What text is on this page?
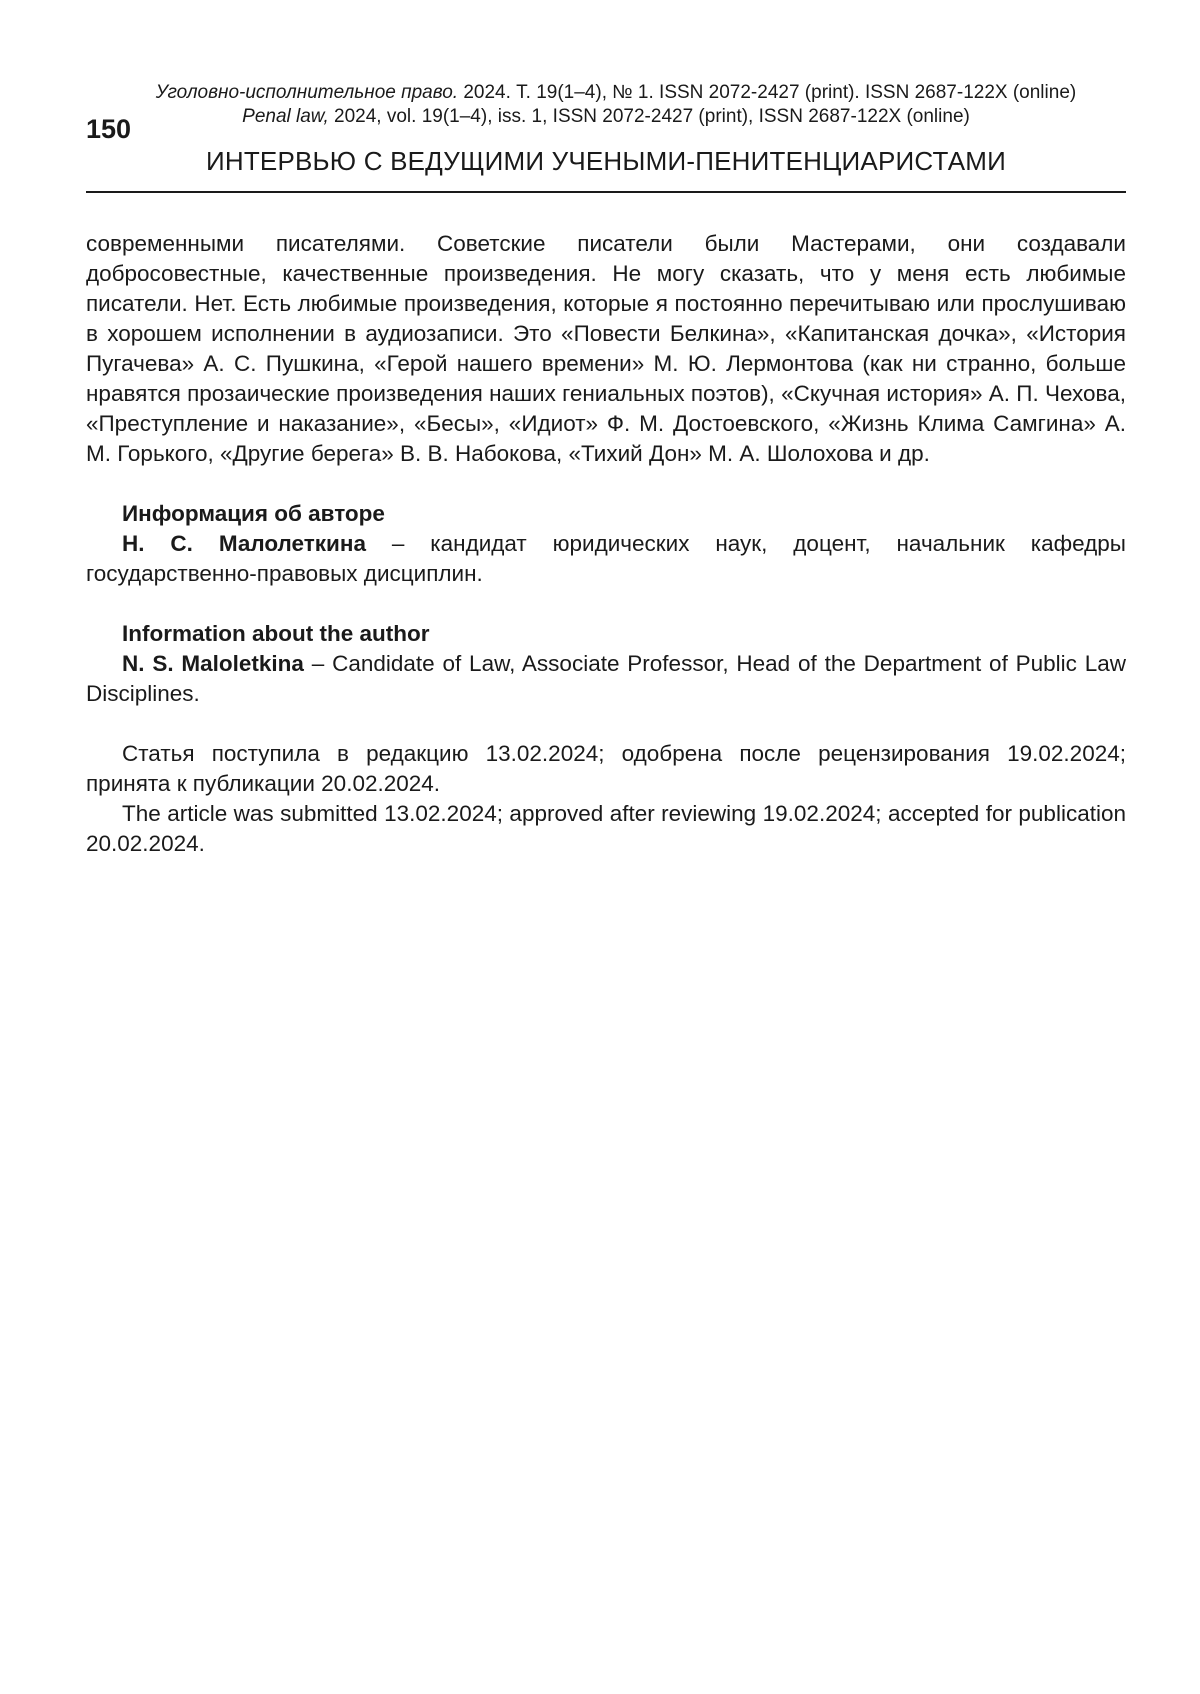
Уголовно-исполнительное право. 2024. Т. 19(1–4), № 1. ISSN 2072-2427 (print). ISSN 2687-122X (online)
Penal law, 2024, vol. 19(1–4), iss. 1, ISSN 2072-2427 (print), ISSN 2687-122X (online)
150
ИНТЕРВЬЮ С ВЕДУЩИМИ УЧЕНЫМИ-ПЕНИТЕНЦИАРИСТАМИ

современными писателями. Советские писатели были Мастерами, они создавали добросовестные, качественные произведения. Не могу сказать, что у меня есть любимые писатели. Нет. Есть любимые произведения, которые я постоянно перечитываю или прослушиваю в хорошем исполнении в аудиозаписи. Это «Повести Белкина», «Капитанская дочка», «История Пугачева» А. С. Пушкина, «Герой нашего времени» М. Ю. Лермонтова (как ни странно, больше нравятся прозаические произведения наших гениальных поэтов), «Скучная история» А. П. Чехова, «Преступление и наказание», «Бесы», «Идиот» Ф. М. Достоевского, «Жизнь Клима Самгина» А. М. Горького, «Другие берега» В. В. Набокова, «Тихий Дон» М. А. Шолохова и др.

Информация об авторе

Н. С. Малолеткина – кандидат юридических наук, доцент, начальник кафедры государственно-правовых дисциплин.

Information about the author

N. S. Maloletkina – Candidate of Law, Associate Professor, Head of the Department of Public Law Disciplines.

Статья поступила в редакцию 13.02.2024; одобрена после рецензирования 19.02.2024; принята к публикации 20.02.2024.

The article was submitted 13.02.2024; approved after reviewing 19.02.2024; accepted for publication 20.02.2024.
